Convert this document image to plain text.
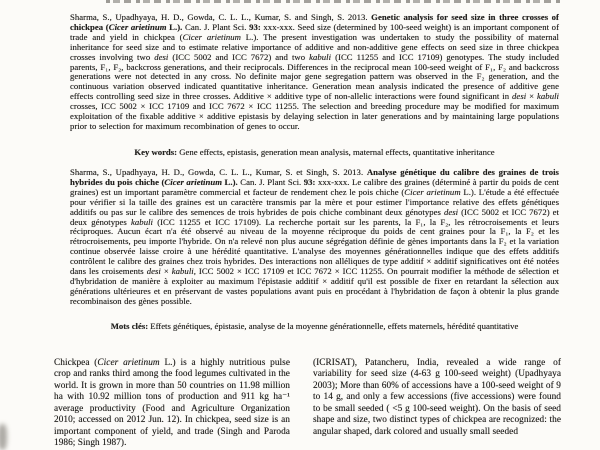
Sharma, S., Upadhyaya, H. D., Gowda, C. L. L., Kumar, S. and Singh, S. 2013. Genetic analysis for seed size in three crosses of chickpea (Cicer arietinum L.). Can. J. Plant Sci. 93: xxx-xxx. Seed size (determined by 100-seed weight) is an important component of trade and yield in chickpea (Cicer arietinum L.). The present investigation was undertaken to study the possibility of maternal inheritance for seed size and to estimate relative importance of additive and non-additive gene effects on seed size in three chickpea crosses involving two desi (ICC 5002 and ICC 7672) and two kabuli (ICC 11255 and ICC 17109) genotypes. The study included parents, F₁, F₂, backcross generations, and their reciprocals. Differences in the reciprocal mean 100-seed weight of F₁, F₂ and backcross generations were not detected in any cross. No definite major gene segregation pattern was observed in the F₂ generation, and the continuous variation observed indicated quantitative inheritance. Generation mean analysis indicated the presence of additive gene effects controlling seed size in three crosses. Additive × additive type of non-allelic interactions were found significant in desi × kabuli crosses, ICC 5002 × ICC 17109 and ICC 7672 × ICC 11255. The selection and breeding procedure may be modified for maximum exploitation of the fixable additive × additive epistasis by delaying selection in later generations and by maintaining large populations prior to selection for maximum recombination of genes to occur.

Key words: Gene effects, epistasis, generation mean analysis, maternal effects, quantitative inheritance

Sharma, S., Upadhyaya, H. D., Gowda, C. L. L., Kumar, S. et Singh, S. 2013. Analyse génétique du calibre des graines de trois hybrides du pois chiche (Cicer arietinum L.). Can. J. Plant Sci. 93: xxx-xxx. Le calibre des graines (déterminé à partir du poids de cent graines) est un important paramètre commercial et facteur de rendement chez le pois chiche (Cicer arietinum L.). L'étude a été effectuée pour vérifier si la taille des graines est un caractère transmis par la mère et pour estimer l'importance relative des effets génétiques additifs ou pas sur le calibre des semences de trois hybrides de pois chiche combinant deux génotypes desi (ICC 5002 et ICC 7672) et deux génotypes kabuli (ICC 11255 et ICC 17109). La recherche portait sur les parents, la F₁, la F₂, les rétrocroisements et leurs réciproques. Aucun écart n'a été observé au niveau de la moyenne réciproque du poids de cent graines pour la F₁, la F₂ et les rétrocroisements, peu importe l'hybride. On n'a relevé non plus aucune ségrégation définie de gènes importants dans la F₂ et la variation continue observée laisse croire à une hérédité quantitative. L'analyse des moyennes générationnelles indique que des effets additifs contrôlent le calibre des graines chez trois hybrides. Des interactions non alléliques de type additif × additif significatives ont été notées dans les croisements desi × kabuli, ICC 5002 × ICC 17109 et ICC 7672 × ICC 11255. On pourrait modifier la méthode de sélection et d'hybridation de manière à exploiter au maximum l'épistasie additif × additif qu'il est possible de fixer en retardant la sélection aux générations ultérieures et en préservant de vastes populations avant puis en procédant à l'hybridation de façon à obtenir la plus grande recombinaison des gènes possible.

Mots clés: Effets génétiques, épistasie, analyse de la moyenne générationnelle, effets maternels, hérédité quantitative

Chickpea (Cicer arietinum L.) is a highly nutritious pulse crop and ranks third among the food legumes cultivated in the world. It is grown in more than 50 countries on 11.98 million ha with 10.92 million tons of production and 911 kg ha⁻¹ average productivity (Food and Agriculture Organization 2010; accessed on 2012 Jun. 12). In chickpea, seed size is an important component of yield, and trade (Singh and Paroda 1986; Singh 1987).

(ICRISAT), Patancheru, India, revealed a wide range of variability for seed size (4-63 g 100-seed weight) (Upadhyaya 2003); More than 60% of accessions have a 100-seed weight of 9 to 14 g, and only a few accessions (five accessions) were found to be small seeded ( <5 g 100-seed weight). On the basis of seed shape and size, two distinct types of chickpea are recognized: the angular shaped, dark colored and usually small seeded
